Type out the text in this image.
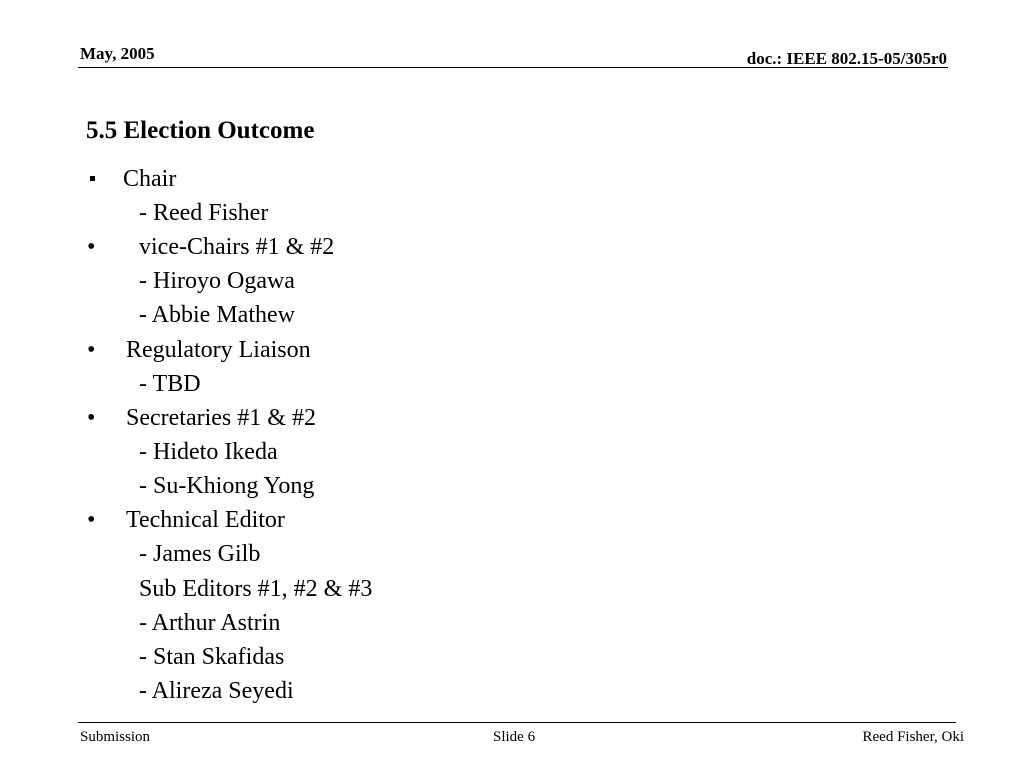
May, 2005	doc.: IEEE 802.15-05/305r0
5.5 Election Outcome
Chair
- Reed Fisher
• vice-Chairs #1 & #2
- Hiroyo Ogawa
- Abbie Mathew
• Regulatory Liaison
- TBD
• Secretaries #1 & #2
- Hideto Ikeda
- Su-Khiong Yong
• Technical Editor
- James Gilb
Sub Editors #1, #2 & #3
- Arthur Astrin
- Stan Skafidas
- Alireza Seyedi
Submission	Slide 6	Reed Fisher, Oki
